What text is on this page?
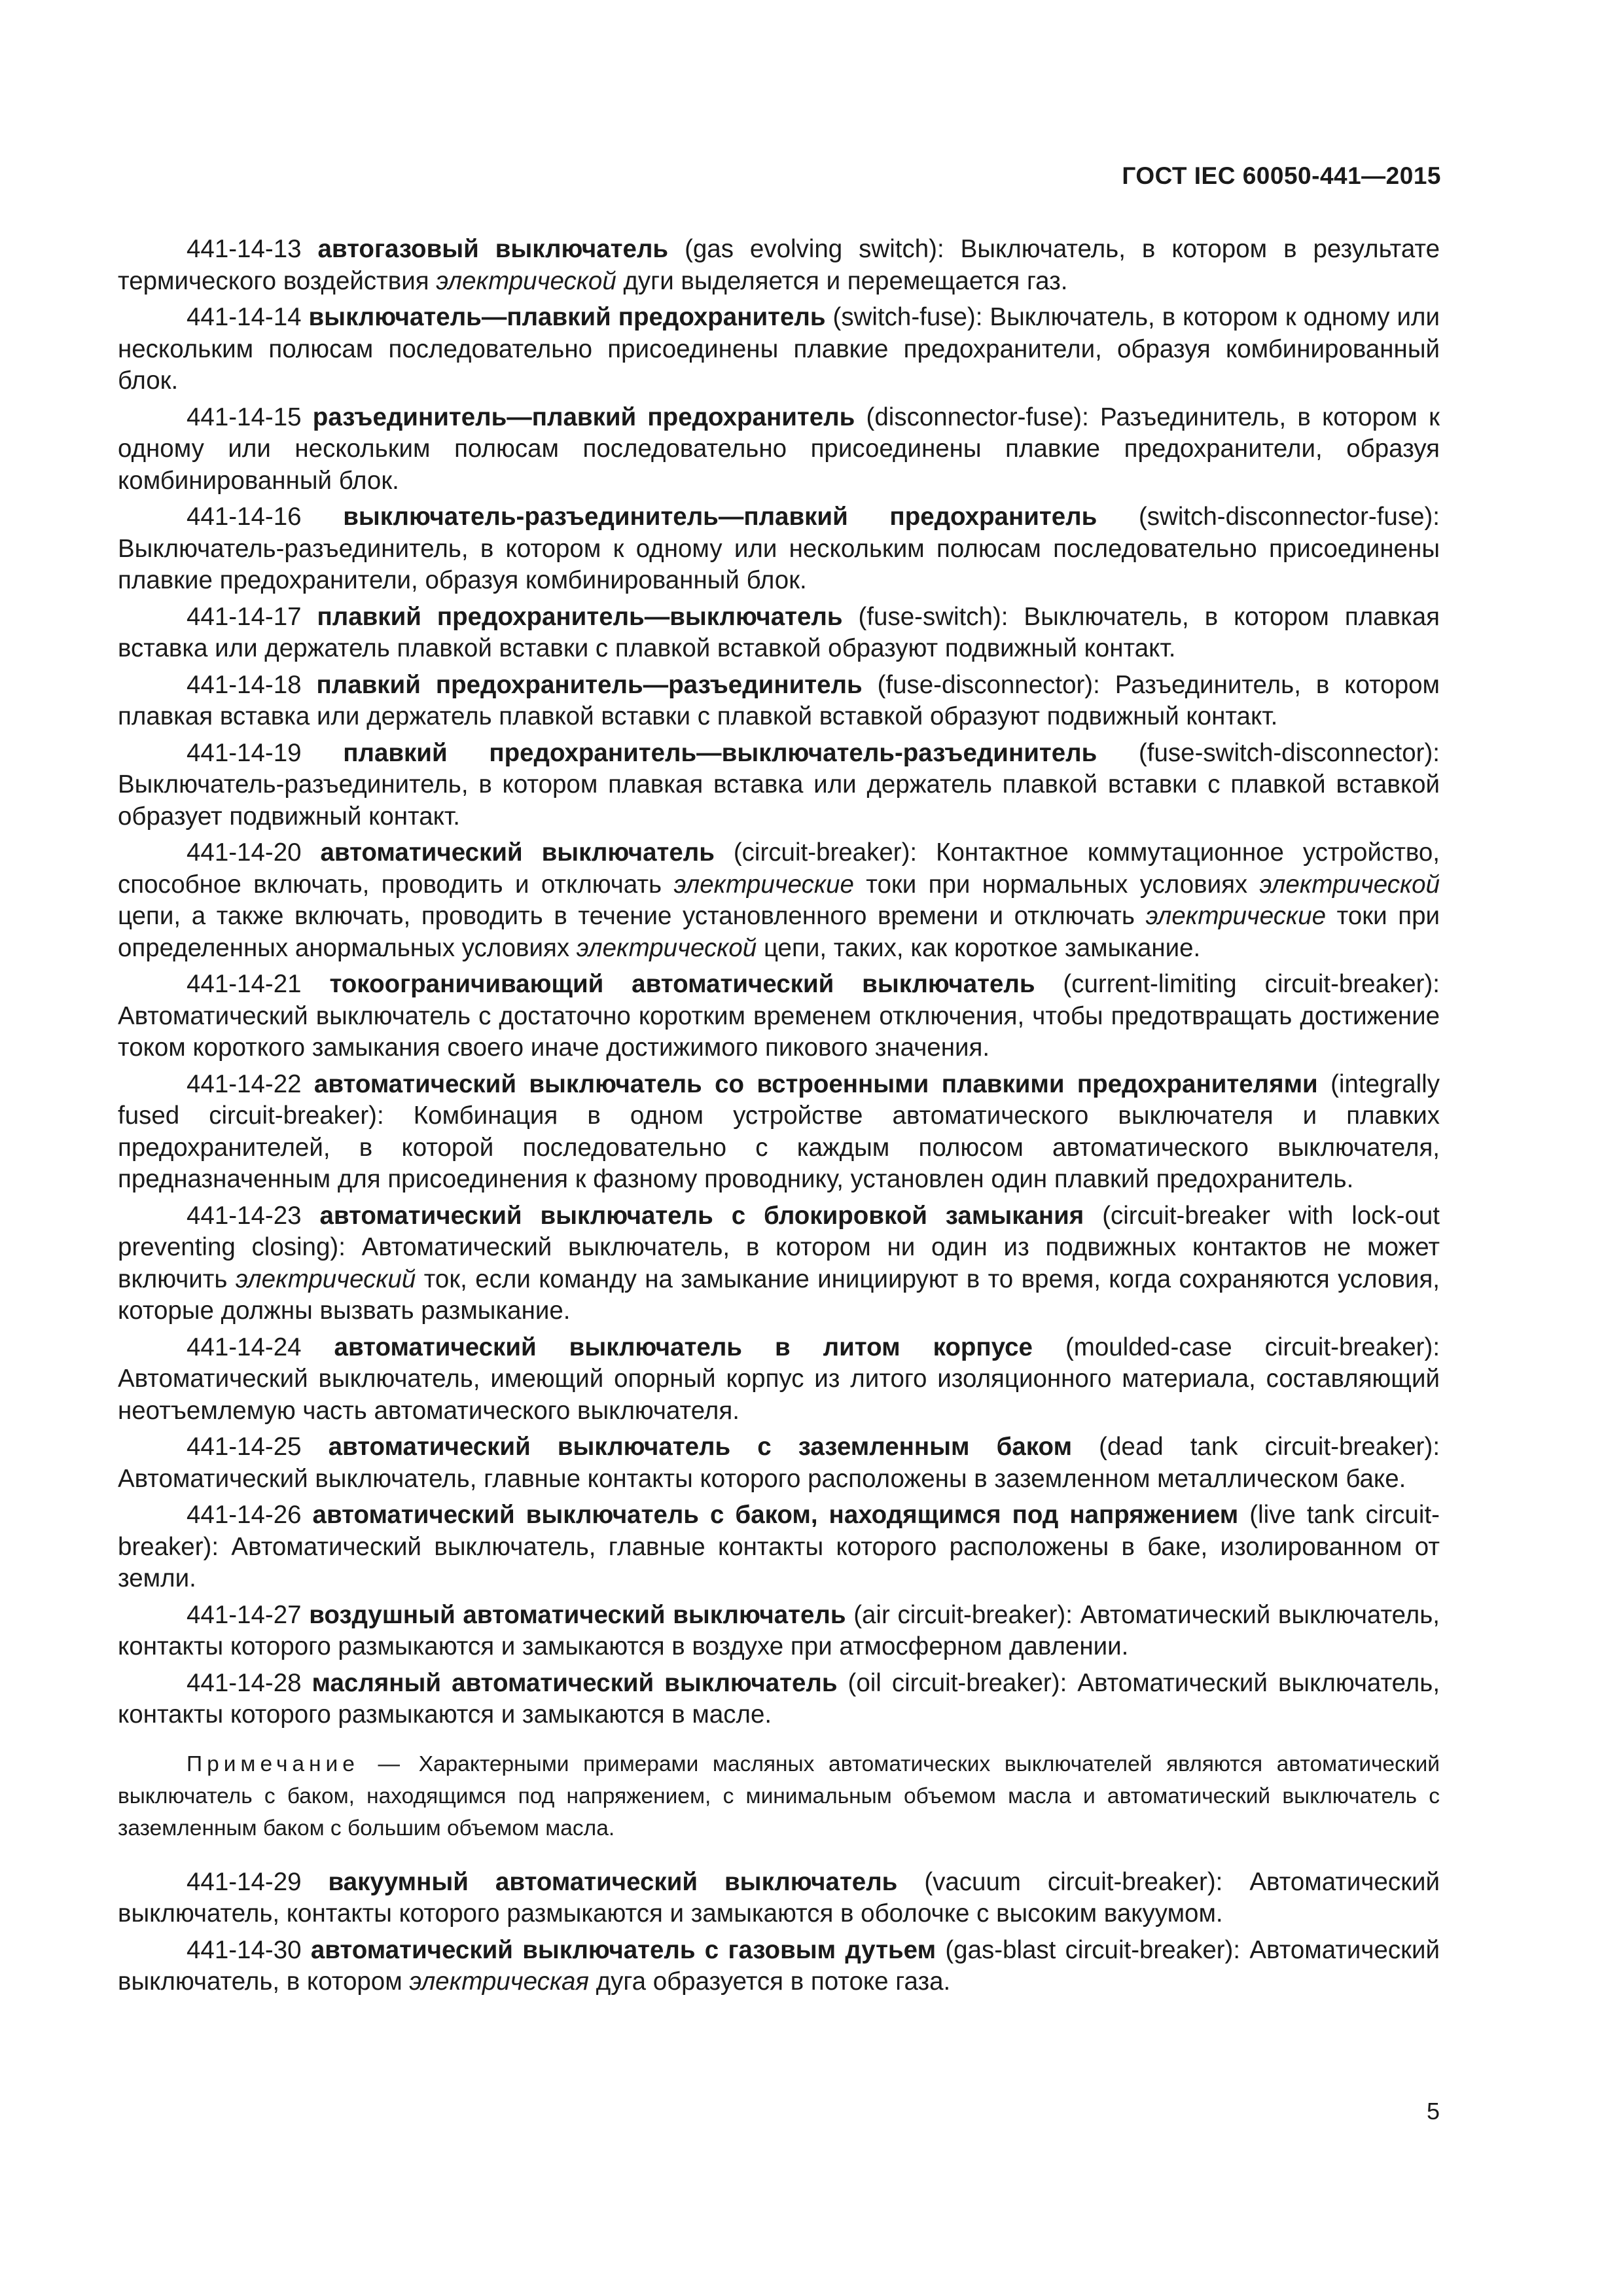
ГОСТ IEC 60050-441—2015

441-14-13 автогазовый выключатель (gas evolving switch): Выключатель, в котором в результате термического воздействия электрической дуги выделяется и перемещается газ.

441-14-14 выключатель—плавкий предохранитель (switch-fuse): Выключатель, в котором к одному или нескольким полюсам последовательно присоединены плавкие предохранители, образуя комбинированный блок.

441-14-15 разъединитель—плавкий предохранитель (disconnector-fuse): Разъединитель, в котором к одному или нескольким полюсам последовательно присоединены плавкие предохранители, образуя комбинированный блок.

441-14-16 выключатель-разъединитель—плавкий предохранитель (switch-disconnector-fuse): Выключатель-разъединитель, в котором к одному или нескольким полюсам последовательно присоединены плавкие предохранители, образуя комбинированный блок.

441-14-17 плавкий предохранитель—выключатель (fuse-switch): Выключатель, в котором плавкая вставка или держатель плавкой вставки с плавкой вставкой образуют подвижный контакт.

441-14-18 плавкий предохранитель—разъединитель (fuse-disconnector): Разъединитель, в котором плавкая вставка или держатель плавкой вставки с плавкой вставкой образуют подвижный контакт.

441-14-19 плавкий предохранитель—выключатель-разъединитель (fuse-switch-disconnector): Выключатель-разъединитель, в котором плавкая вставка или держатель плавкой вставки с плавкой вставкой образует подвижный контакт.

441-14-20 автоматический выключатель (circuit-breaker): Контактное коммутационное устройство, способное включать, проводить и отключать электрические токи при нормальных условиях электрической цепи, а также включать, проводить в течение установленного времени и отключать электрические токи при определенных анормальных условиях электрической цепи, таких, как короткое замыкание.

441-14-21 токоограничивающий автоматический выключатель (current-limiting circuit-breaker): Автоматический выключатель с достаточно коротким временем отключения, чтобы предотвращать достижение током короткого замыкания своего иначе достижимого пикового значения.

441-14-22 автоматический выключатель со встроенными плавкими предохранителями (integrally fused circuit-breaker): Комбинация в одном устройстве автоматического выключателя и плавких предохранителей, в которой последовательно с каждым полюсом автоматического выключателя, предназначенным для присоединения к фазному проводнику, установлен один плавкий предохранитель.

441-14-23 автоматический выключатель с блокировкой замыкания (circuit-breaker with lock-out preventing closing): Автоматический выключатель, в котором ни один из подвижных контактов не может включить электрический ток, если команду на замыкание инициируют в то время, когда сохраняются условия, которые должны вызвать размыкание.

441-14-24 автоматический выключатель в литом корпусе (moulded-case circuit-breaker): Автоматический выключатель, имеющий опорный корпус из литого изоляционного материала, составляющий неотъемлемую часть автоматического выключателя.

441-14-25 автоматический выключатель с заземленным баком (dead tank circuit-breaker): Автоматический выключатель, главные контакты которого расположены в заземленном металлическом баке.

441-14-26 автоматический выключатель с баком, находящимся под напряжением (live tank circuit-breaker): Автоматический выключатель, главные контакты которого расположены в баке, изолированном от земли.

441-14-27 воздушный автоматический выключатель (air circuit-breaker): Автоматический выключатель, контакты которого размыкаются и замыкаются в воздухе при атмосферном давлении.

441-14-28 масляный автоматический выключатель (oil circuit-breaker): Автоматический выключатель, контакты которого размыкаются и замыкаются в масле.

Примечание — Характерными примерами масляных автоматических выключателей являются автоматический выключатель с баком, находящимся под напряжением, с минимальным объемом масла и автоматический выключатель с заземленным баком с большим объемом масла.

441-14-29 вакуумный автоматический выключатель (vacuum circuit-breaker): Автоматический выключатель, контакты которого размыкаются и замыкаются в оболочке с высоким вакуумом.

441-14-30 автоматический выключатель с газовым дутьем (gas-blast circuit-breaker): Автоматический выключатель, в котором электрическая дуга образуется в потоке газа.

5
